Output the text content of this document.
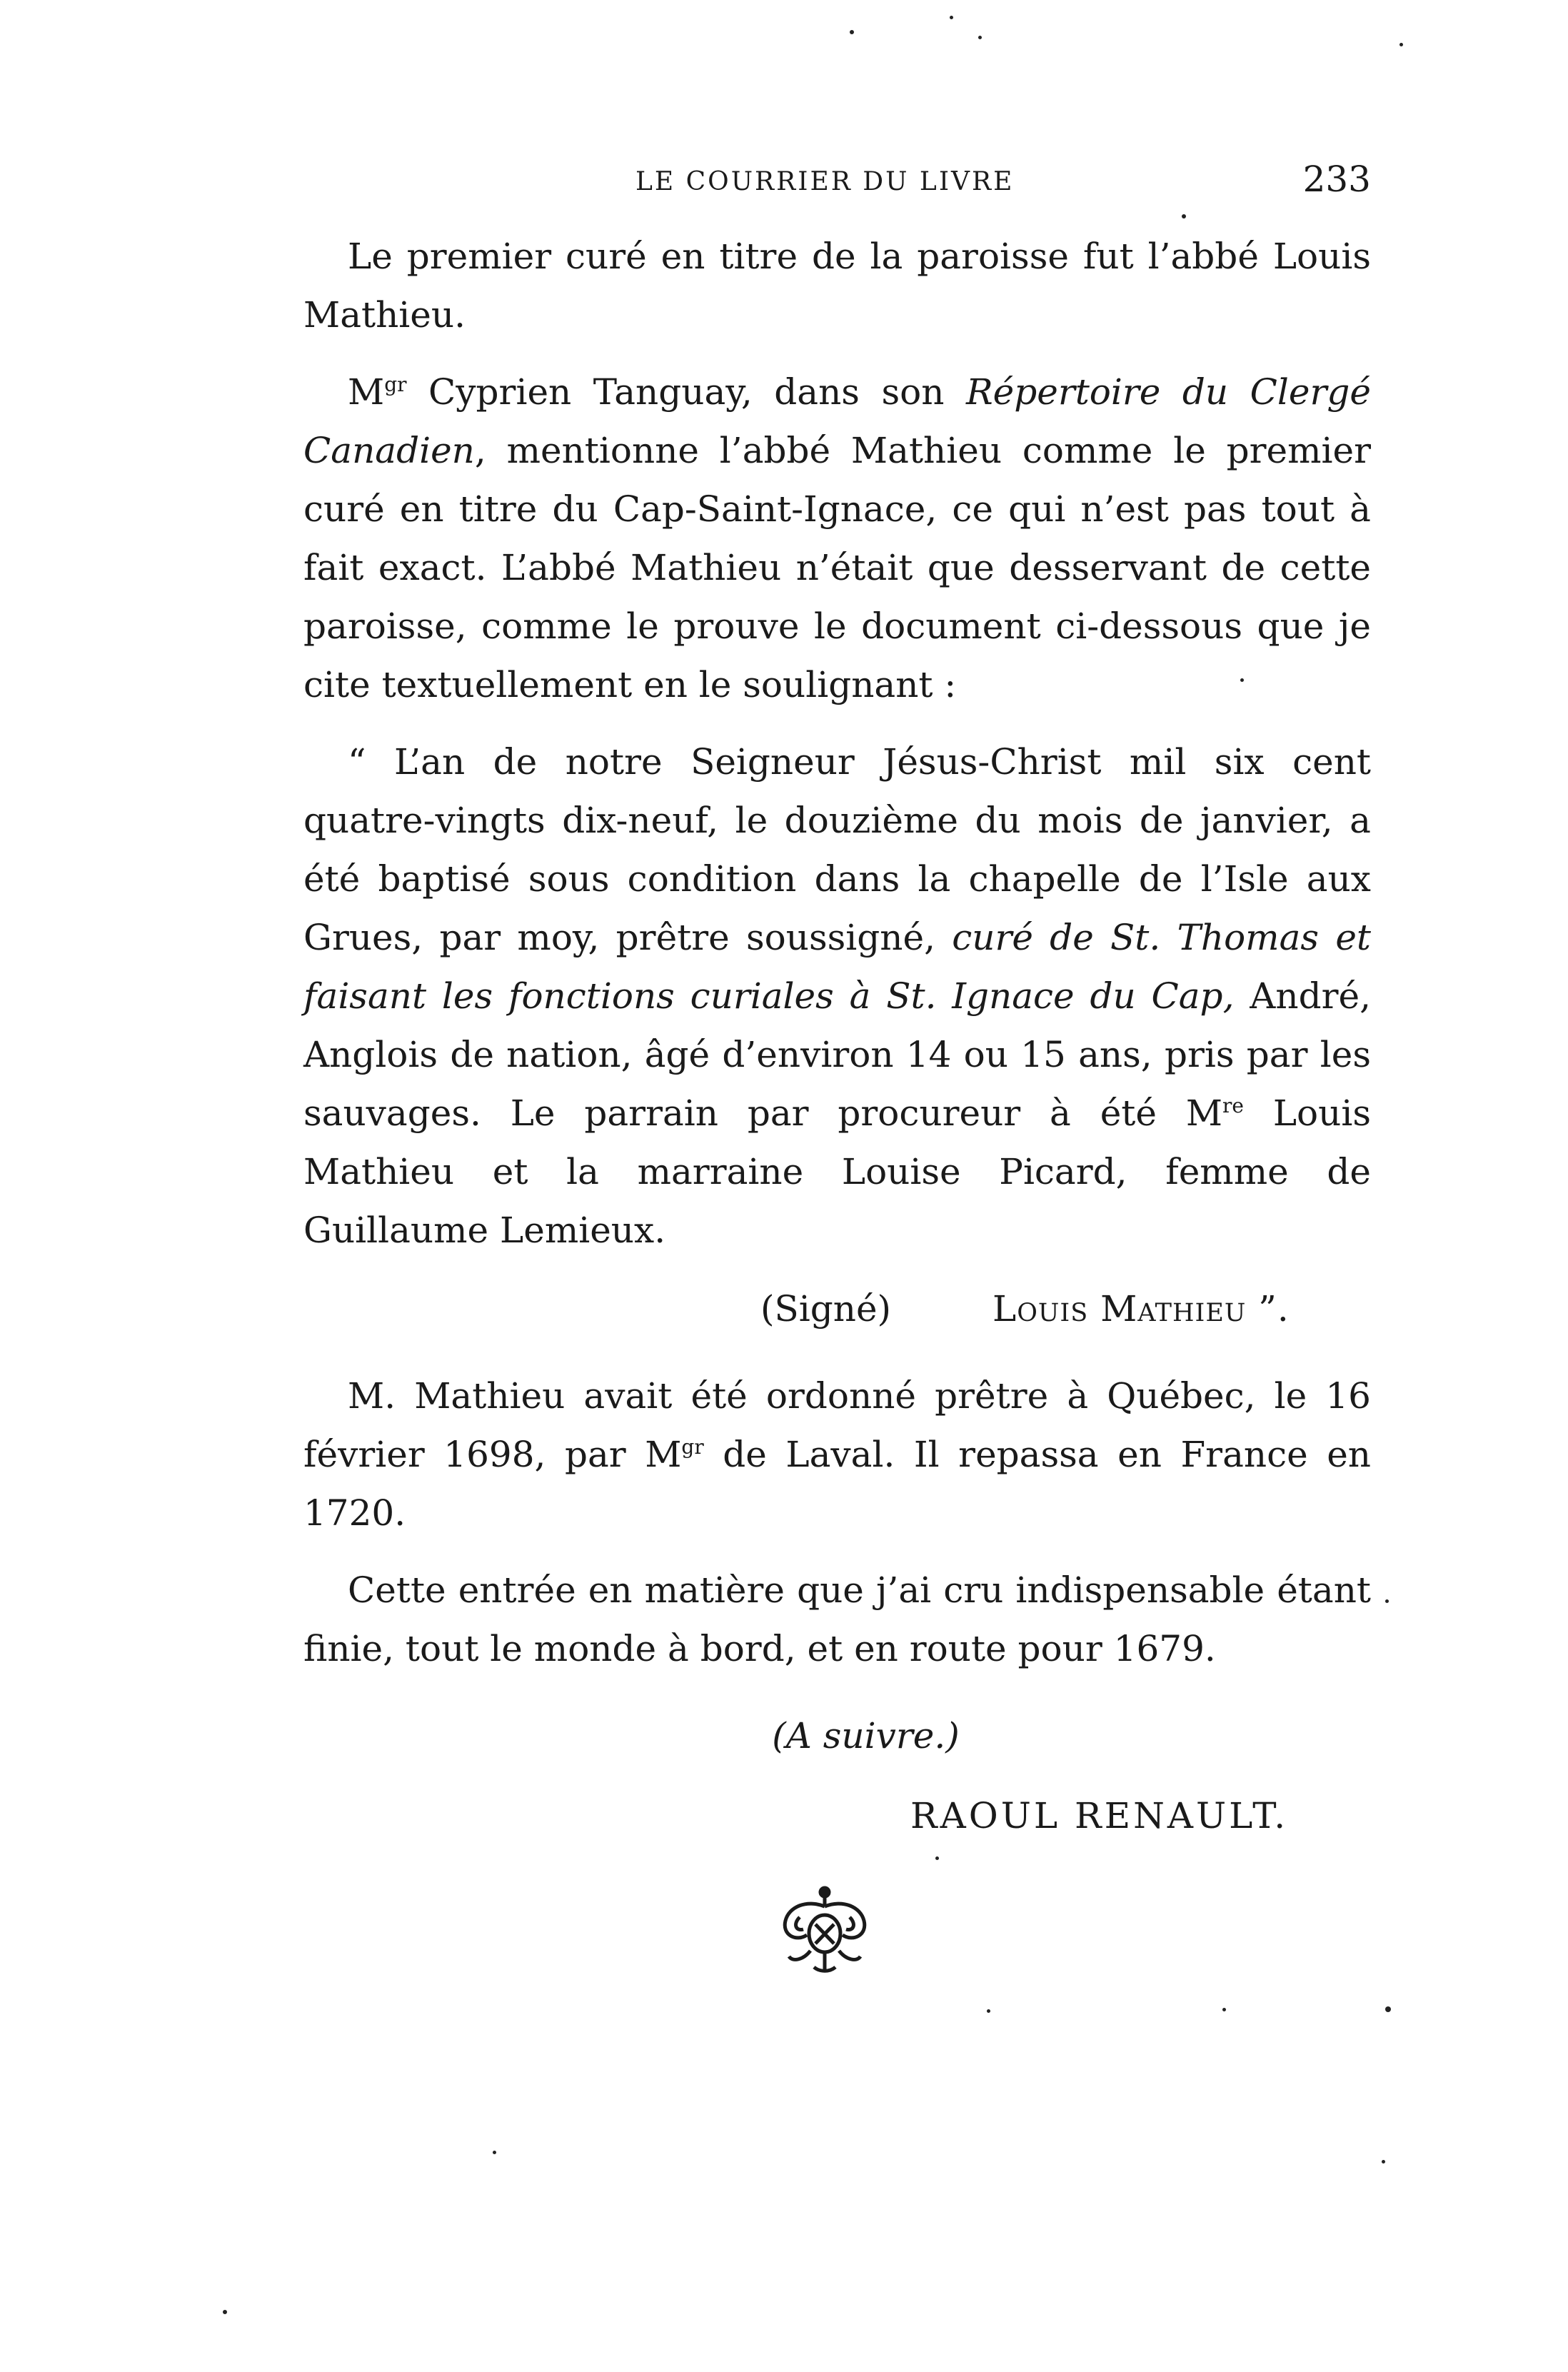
LE COURRIER DU LIVRE	233

Le premier curé en titre de la paroisse fut l’abbé Louis Mathieu.

$M^{gr}$ Cyprien Tanguay, dans son Répertoire du Clergé Canadien, mentionne l’abbé Mathieu comme le premier curé en titre du Cap-Saint-Ignace, ce qui n’est pas tout à fait exact. L’abbé Mathieu n’était que desservant de cette paroisse, comme le prouve le document ci-dessous que je cite textuellement en le soulignant :

“ L’an de notre Seigneur Jésus-Christ mil six cent quatre-vingts dix-neuf, le douzième du mois de janvier, a été baptisé sous condition dans la chapelle de l’Isle aux Grues, par moy, prêtre soussigné, curé de St. Thomas et faisant les fonctions curiales à St. Ignace du Cap, André, Anglois de nation, âgé d’environ 14 ou 15 ans, pris par les sauvages. Le parrain par procureur à été Mre Louis Mathieu et la marraine Louise Picard, femme de Guillaume Lemieux.

(Signé)	Louis Mathieu ”.

M. Mathieu avait été ordonné prêtre à Québec, le 16 février 1698, par $M^{gr}$ de Laval. Il repassa en France en 1720.

Cette entrée en matière que j’ai cru indispensable étant finie, tout le monde à bord, et en route pour 1679.

(A suivre.)
RAOUL RENAULT.
